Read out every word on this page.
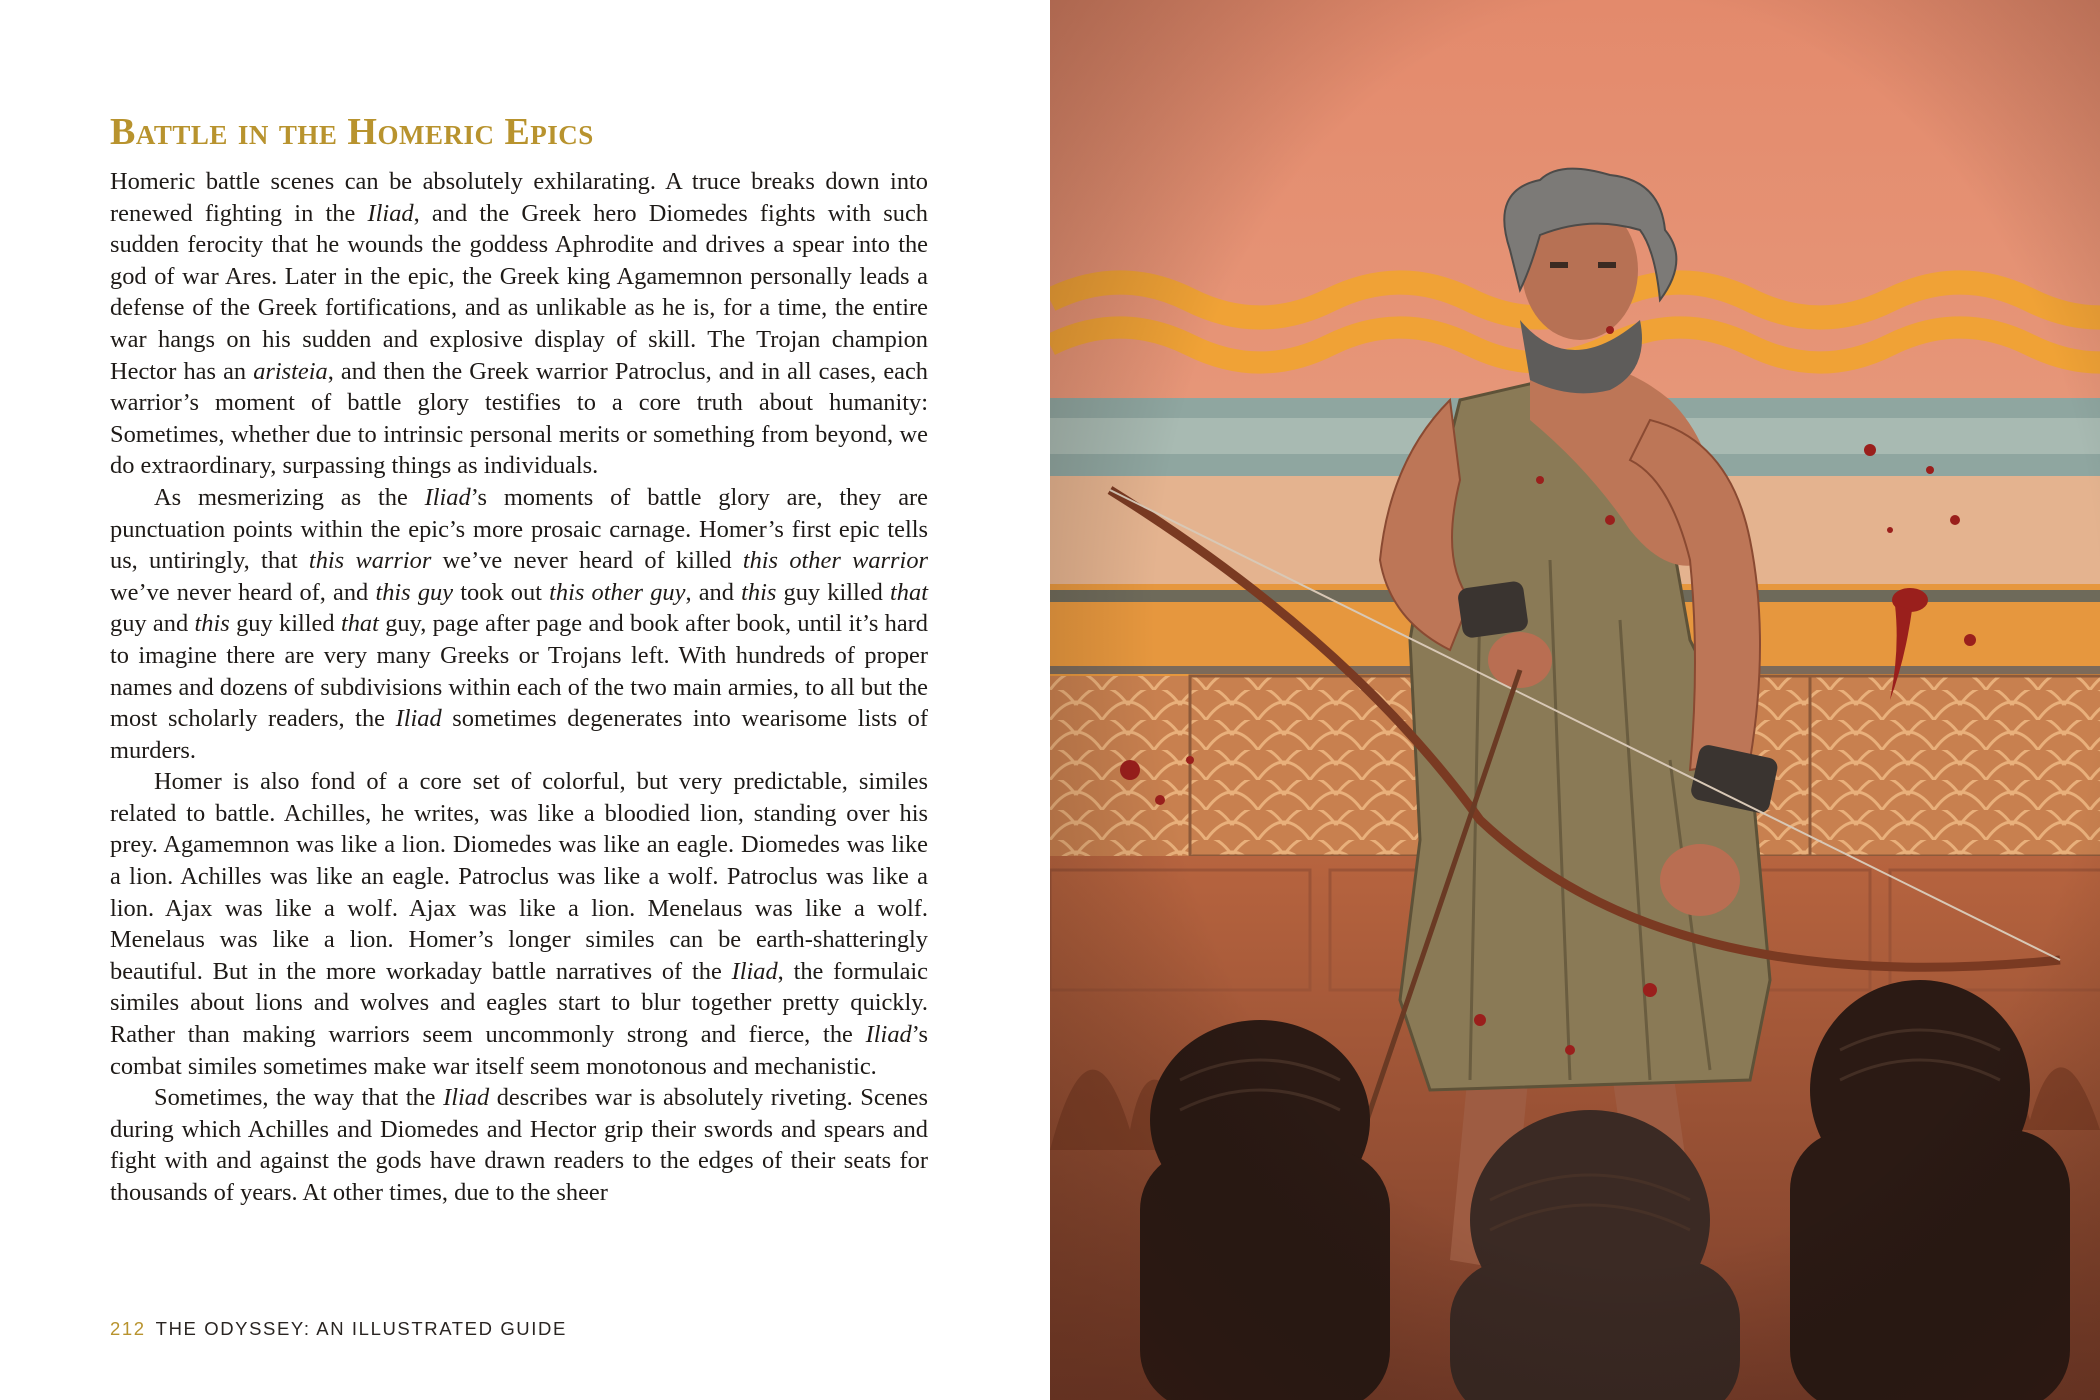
Battle in the Homeric Epics

Homeric battle scenes can be absolutely exhilarating. A truce breaks down into renewed fighting in the Iliad, and the Greek hero Diomedes fights with such sudden ferocity that he wounds the goddess Aphrodite and drives a spear into the god of war Ares. Later in the epic, the Greek king Agamemnon personally leads a defense of the Greek fortifications, and as unlikable as he is, for a time, the entire war hangs on his sudden and explosive display of skill. The Trojan champion Hector has an aristeia, and then the Greek warrior Patroclus, and in all cases, each warrior’s moment of battle glory testifies to a core truth about humanity: Sometimes, whether due to intrinsic personal merits or something from beyond, we do extraordinary, surpassing things as individuals.

As mesmerizing as the Iliad’s moments of battle glory are, they are punctuation points within the epic’s more prosaic carnage. Homer’s first epic tells us, untiringly, that this warrior we’ve never heard of killed this other warrior we’ve never heard of, and this guy took out this other guy, and this guy killed that guy and this guy killed that guy, page after page and book after book, until it’s hard to imagine there are very many Greeks or Trojans left. With hundreds of proper names and dozens of subdivisions within each of the two main armies, to all but the most scholarly readers, the Iliad sometimes degenerates into wearisome lists of murders.

Homer is also fond of a core set of colorful, but very predictable, similes related to battle. Achilles, he writes, was like a bloodied lion, standing over his prey. Agamemnon was like a lion. Diomedes was like an eagle. Diomedes was like a lion. Achilles was like an eagle. Patroclus was like a wolf. Patroclus was like a lion. Ajax was like a wolf. Ajax was like a lion. Menelaus was like a wolf. Menelaus was like a lion. Homer’s longer similes can be earth-shatteringly beautiful. But in the more workaday battle narratives of the Iliad, the formulaic similes about lions and wolves and eagles start to blur together pretty quickly. Rather than making warriors seem uncommonly strong and fierce, the Iliad’s combat similes sometimes make war itself seem monotonous and mechanistic.

Sometimes, the way that the Iliad describes war is absolutely riveting. Scenes during which Achilles and Diomedes and Hector grip their swords and spears and fight with and against the gods have drawn readers to the edges of their seats for thousands of years. At other times, due to the sheer

212 THE ODYSSEY: AN ILLUSTRATED GUIDE
